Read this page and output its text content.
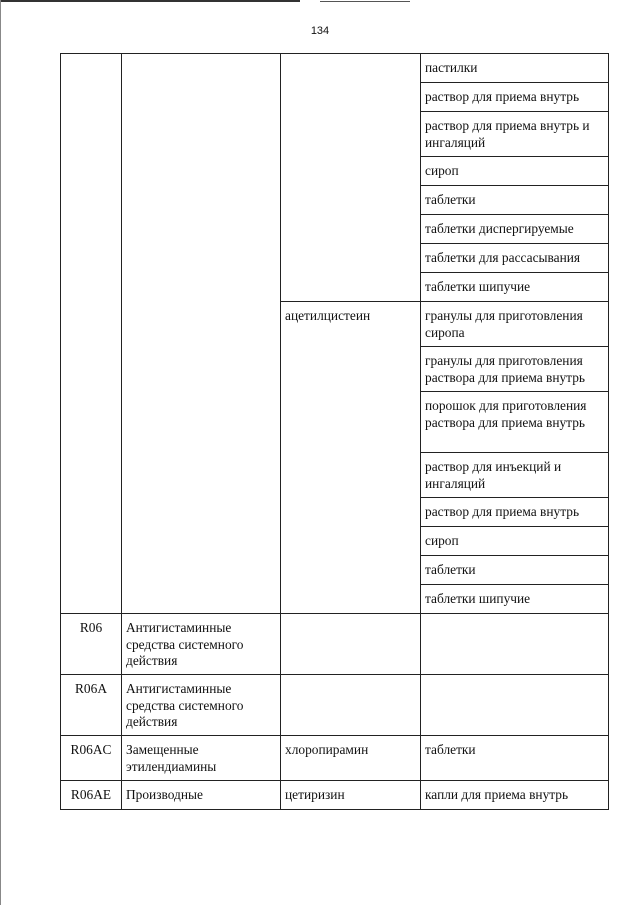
134
			пастилки
			раствор для приема внутрь
			раствор для приема внутрь и ингаляций
			сироп
			таблетки
			таблетки диспергируемые
			таблетки для рассасывания
			таблетки шипучие
		ацетилцистеин	гранулы для приготовления сиропа
			гранулы для приготовления раствора для приема внутрь
			порошок для приготовления раствора для приема внутрь
			раствор для инъекций и ингаляций
			раствор для приема внутрь
			сироп
			таблетки
			таблетки шипучие
R06	Антигистаминные средства системного действия		
R06A	Антигистаминные средства системного действия		
R06AC	Замещенные этилендиамины	хлоропирамин	таблетки
R06AE	Производные	цетиризин	капли для приема внутрь
